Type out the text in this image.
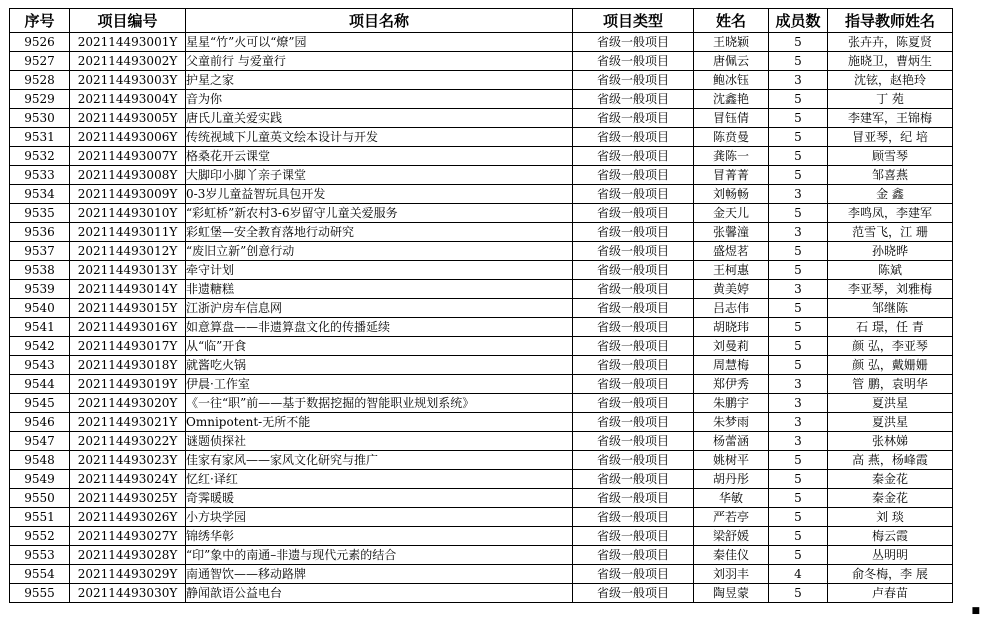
序号	项目编号	项目名称	项目类型	姓名	成员数	指导教师姓名
9526	202114493001Y	星星“竹”火可以“燎”园	省级一般项目	王晓颖	5	张卉卉，陈夏贤
9527	202114493002Y	父童前行 与爱童行	省级一般项目	唐佩云	5	施晓卫，曹炳生
9528	202114493003Y	护星之家	省级一般项目	鲍冰钰	3	沈铉，赵艳玲
9529	202114493004Y	音为你	省级一般项目	沈鑫艳	5	丁 苑
9530	202114493005Y	唐氏儿童关爱实践	省级一般项目	冒钰倩	5	李建军，王锦梅
9531	202114493006Y	传统视域下儿童英文绘本设计与开发	省级一般项目	陈贲曼	5	冒亚琴，纪 培
9532	202114493007Y	格桑花开云课堂	省级一般项目	龚陈一	5	顾雪琴
9533	202114493008Y	大脚印小脚丫亲子课堂	省级一般项目	冒菁菁	5	邹喜燕
9534	202114493009Y	0-3岁儿童益智玩具包开发	省级一般项目	刘畅畅	3	金 鑫
9535	202114493010Y	“彩虹桥”新农村3-6岁留守儿童关爱服务	省级一般项目	金天儿	5	李鸣凤，李建军
9536	202114493011Y	彩虹堡—安全教育落地行动研究	省级一般项目	张馨潼	3	范雪飞，江 珊
9537	202114493012Y	“废旧立新”创意行动	省级一般项目	盛煜茗	5	孙晓晔
9538	202114493013Y	牵守计划	省级一般项目	王柯惠	5	陈斌
9539	202114493014Y	非遗糖糕	省级一般项目	黄美婷	3	李亚琴，刘雅梅
9540	202114493015Y	江浙沪房车信息网	省级一般项目	吕志伟	5	邹继陈
9541	202114493016Y	如意算盘——非遗算盘文化的传播延续	省级一般项目	胡晓玮	5	石 璟，任 青
9542	202114493017Y	从“临”开食	省级一般项目	刘曼莉	5	颜 弘，李亚琴
9543	202114493018Y	就酱吃火锅	省级一般项目	周慧梅	5	颜 弘，戴姗姗
9544	202114493019Y	伊晨·工作室	省级一般项目	郑伊秀	3	管 鹏，袁明华
9545	202114493020Y	《一往“职”前——基于数据挖掘的智能职业规划系统》	省级一般项目	朱鹏宇	3	夏洪星
9546	202114493021Y	Omnipotent-无所不能	省级一般项目	朱梦雨	3	夏洪星
9547	202114493022Y	谜题侦探社	省级一般项目	杨蕾涵	3	张林娣
9548	202114493023Y	佳家有家风——家风文化研究与推广	省级一般项目	姚树平	5	高 燕，杨峰霞
9549	202114493024Y	忆红·译红	省级一般项目	胡丹彤	5	秦金花
9550	202114493025Y	奇霁暖暖	省级一般项目	华敏	5	秦金花
9551	202114493026Y	小方块学园	省级一般项目	严若亭	5	刘 琰
9552	202114493027Y	锦绣华彰	省级一般项目	梁舒媛	5	梅云霞
9553	202114493028Y	“印”象中的南通–非遗与现代元素的结合	省级一般项目	秦佳仪	5	丛明明
9554	202114493029Y	南通智饮——移动路牌	省级一般项目	刘羽丰	4	俞冬梅，李 展
9555	202114493030Y	静闻歆语公益电台	省级一般项目	陶昱蒙	5	卢春苗
■
